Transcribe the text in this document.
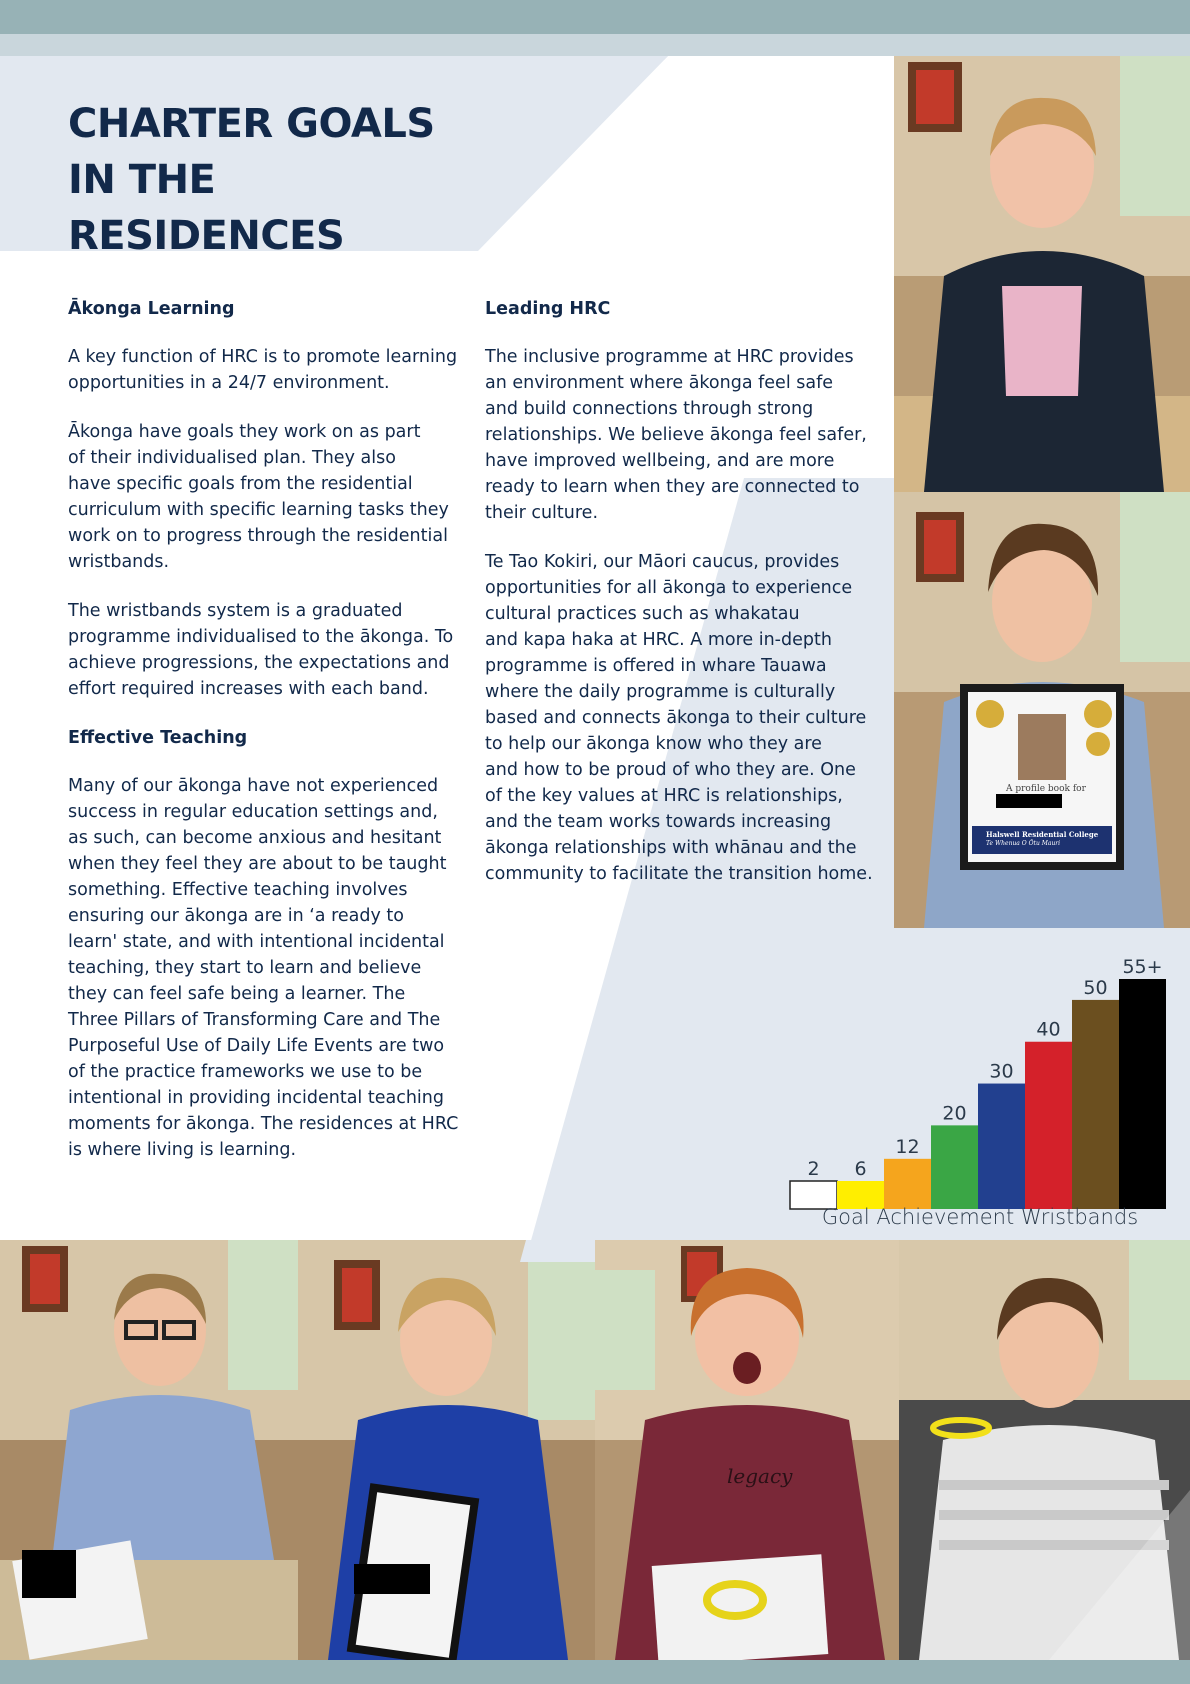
CHARTER GOALS IN THE RESIDENCES
Ākonga Learning

A key function of HRC is to promote learning
opportunities in a 24/7 environment.

Ākonga have goals they work on as part
of their individualised plan. They also
have specific goals from the residential
curriculum with specific learning tasks they
work on to progress through the residential
wristbands.

The wristbands system is a graduated
programme individualised to the ākonga. To
achieve progressions, the expectations and
effort required increases with each band.

Effective Teaching

Many of our ākonga have not experienced
success in regular education settings and,
as such, can become anxious and hesitant
when they feel they are about to be taught
something. Effective teaching involves
ensuring our ākonga are in ‘a ready to
learn' state, and with intentional incidental
teaching, they start to learn and believe
they can feel safe being a learner. The
Three Pillars of Transforming Care and The
Purposeful Use of Daily Life Events are two
of the practice frameworks we use to be
intentional in providing incidental teaching
moments for ākonga. The residences at HRC
is where living is learning.

Leading HRC

The inclusive programme at HRC provides
an environment where ākonga feel safe
and build connections through strong
relationships. We believe ākonga feel safer,
have improved wellbeing, and are more
ready to learn when they are connected to
their culture.

Te Tao Kokiri, our Māori caucus, provides
opportunities for all ākonga to experience
cultural practices such as whakatau
and kapa haka at HRC. A more in-depth
programme is offered in whare Tauawa
where the daily programme is culturally
based and connects ākonga to their culture
to help our ākonga know who they are
and how to be proud of who they are. One
of the key values at HRC is relationships,
and the team works towards increasing
ākonga relationships with whānau and the
community to facilitate the transition home.

A profile book for
Halswell Residential College
Te Whenua O Ōtu Mauri
2 6
12
20
30
40
50
55+
Goal Achievement Wristbands
legacy
